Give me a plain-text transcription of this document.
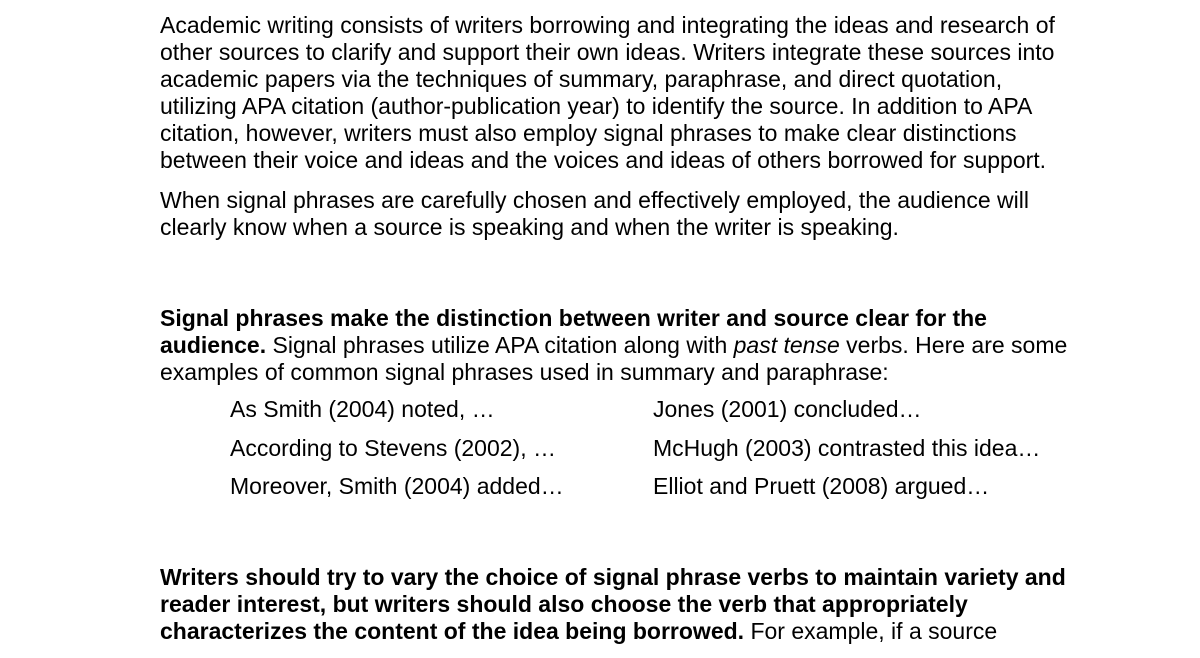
Academic writing consists of writers borrowing and integrating the ideas and research of other sources to clarify and support their own ideas. Writers integrate these sources into academic papers via the techniques of summary, paraphrase, and direct quotation, utilizing APA citation (author-publication year) to identify the source. In addition to APA citation, however, writers must also employ signal phrases to make clear distinctions between their voice and ideas and the voices and ideas of others borrowed for support.

When signal phrases are carefully chosen and effectively employed, the audience will clearly know when a source is speaking and when the writer is speaking.

Signal phrases make the distinction between writer and source clear for the audience. Signal phrases utilize APA citation along with past tense verbs. Here are some examples of common signal phrases used in summary and paraphrase:

As Smith (2004) noted, …
According to Stevens (2002), …
Moreover, Smith (2004) added…
Jones (2001) concluded…
McHugh (2003) contrasted this idea…
Elliot and Pruett (2008) argued…

Writers should try to vary the choice of signal phrase verbs to maintain variety and reader interest, but writers should also choose the verb that appropriately characterizes the content of the idea being borrowed. For example, if a source
